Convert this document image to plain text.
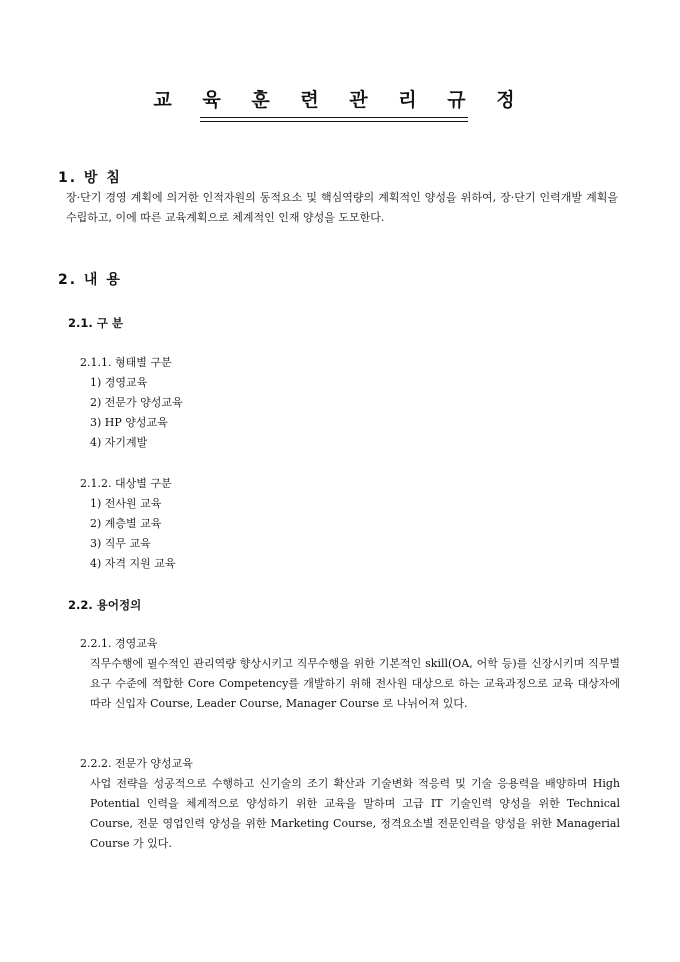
교 육 훈 련 관 리 규 정
1. 방 침
장·단기 경영 계획에 의거한 인적자원의 동적요소 및 핵심역량의 계획적인 양성을 위하여, 장·단기 인력개발 계획을 수립하고, 이에 따른 교육계획으로 체계적인 인재 양성을 도모한다.
2. 내 용
2.1. 구 분
2.1.1. 형태별 구분
1) 경영교육
2) 전문가 양성교육
3) HP 양성교육
4) 자기계발
2.1.2. 대상별 구분
1) 전사원 교육
2) 계층별 교육
3) 직무 교육
4) 자격 지원 교육
2.2. 용어정의
2.2.1. 경영교육
직무수행에 필수적인 관리역량 향상시키고 직무수행을 위한 기본적인 skill(OA, 어학 등)를 신장시키며 직무별 요구 수준에 적합한 Core Competency를 개발하기 위해 전사원 대상으로 하는 교육과정으로 교육 대상자에 따라 신입자 Course, Leader Course, Manager Course 로 나뉘어져 있다.
2.2.2. 전문가 양성교육
사업 전략을 성공적으로 수행하고 신기술의 조기 확산과 기술변화 적응력 및 기술 응용력을 배양하며 High Potential 인력을 체계적으로 양성하기 위한 교육을 말하며 고급 IT 기술인력 양성을 위한 Technical Course, 전문 영업인력 양성을 위한 Marketing Course, 정격요소별 전문인력을 양성을 위한 Managerial Course 가 있다.
